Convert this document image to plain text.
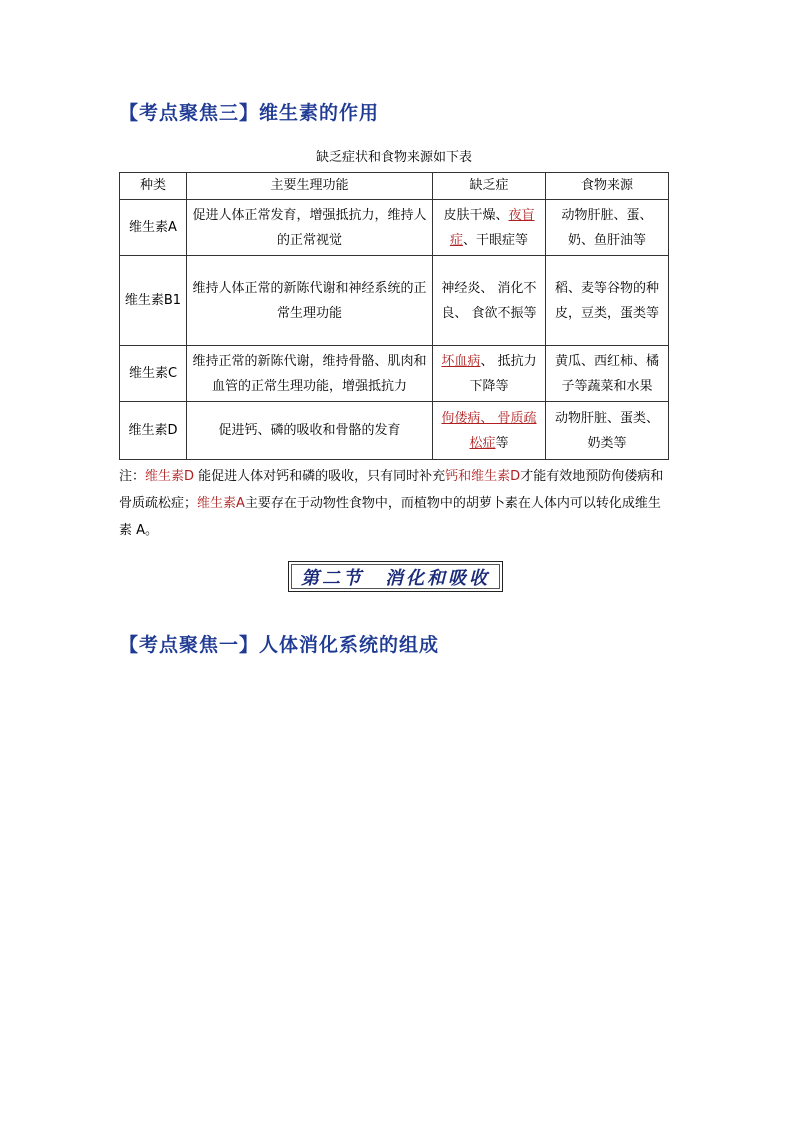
【考点聚焦三】维生素的作用
缺乏症状和食物来源如下表
种类	主要生理功能	缺乏症	食物来源
维生素A	促进人体正常发育，增强抵抗力，维持人的正常视觉	皮肤干燥、夜盲症、干眼症等	动物肝脏、蛋、奶、鱼肝油等
维生素B1	维持人体正常的新陈代谢和神经系统的正常生理功能	神经炎、 消化不良、 食欲不振等	稻、麦等谷物的种皮，豆类，蛋类等
维生素C	维持正常的新陈代谢，维持骨骼、肌肉和血管的正常生理功能，增强抵抗力	坏血病、 抵抗力下降等	黄瓜、西红柿、橘子等蔬菜和水果
维生素D	促进钙、磷的吸收和骨骼的发育	佝偻病、 骨质疏松症等	动物肝脏、蛋类、奶类等
注：维生素D 能促进人体对钙和磷的吸收，只有同时补充钙和维生素D才能有效地预防佝偻病和骨质疏松症；维生素A主要存在于动物性食物中，而植物中的胡萝卜素在人体内可以转化成维生素 A。
第二节　消化和吸收
【考点聚焦一】人体消化系统的组成
